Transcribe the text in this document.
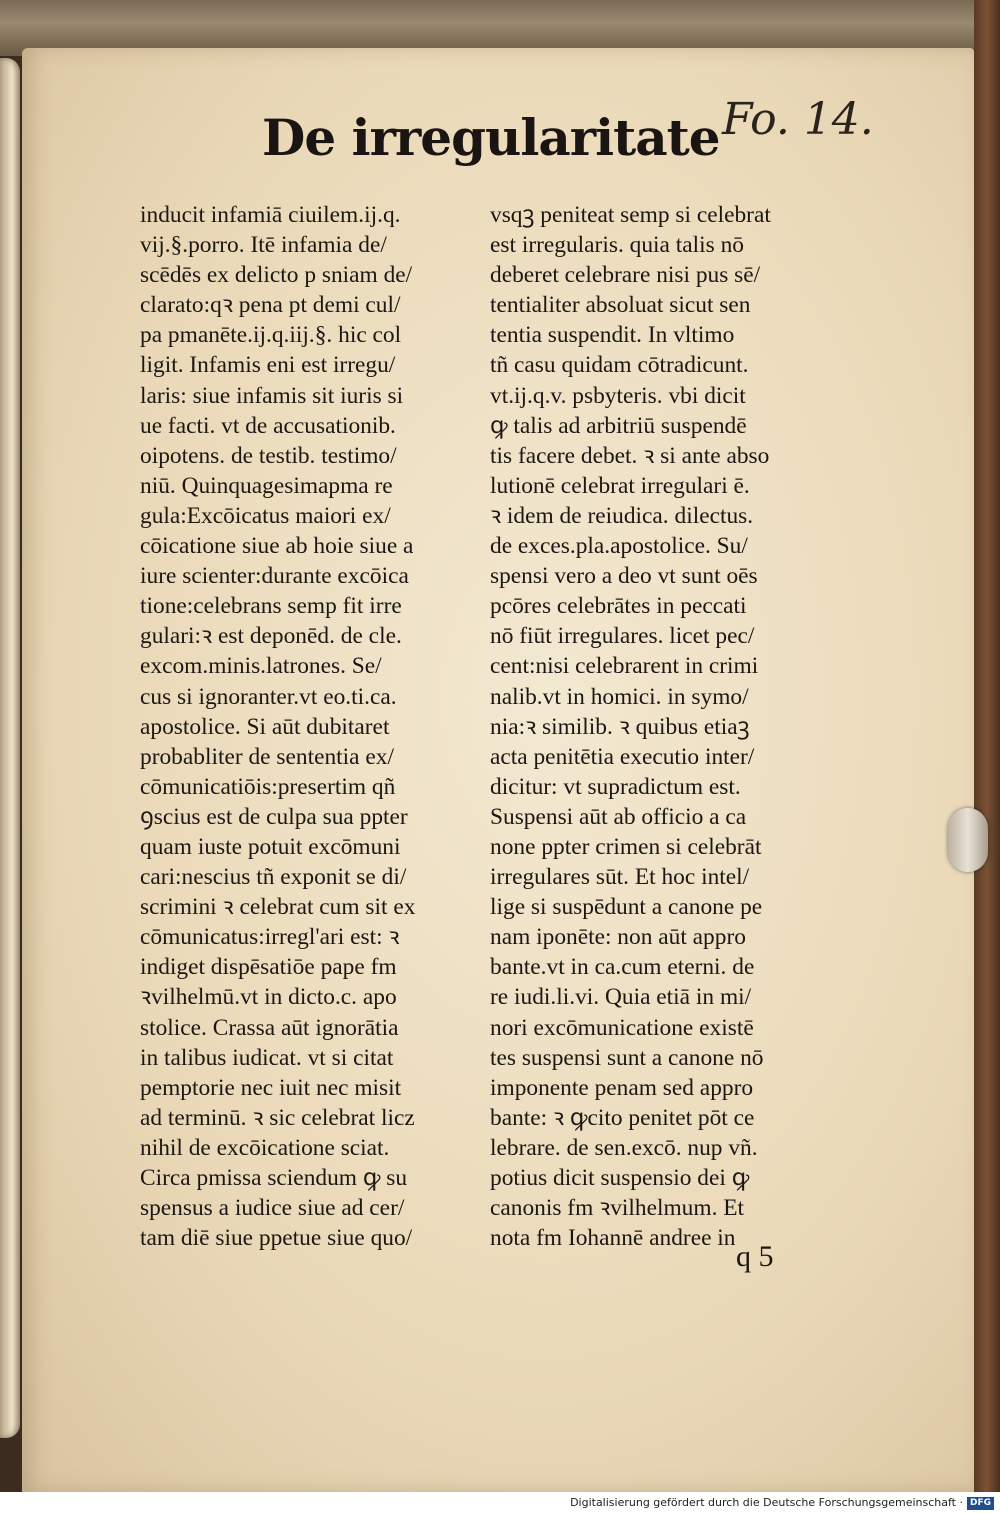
De irregularitate Fo. 14.
inducit infamiā ciuilem.ij.q.
vij.§.porro. Itē infamia de/
scēdēs ex delicto p sniam de/
clarato:qꝛ pena pt demi cul/
pa pmanēte.ij.q.iij.§. hic col
ligit. Infamis eni est irregu/
laris: siue infamis sit iuris si
ue facti. vt de accusationib.
oipotens. de testib. testimo/
niū. Quinquagesimapma re
gula:Excōicatus maiori ex/
cōicatione siue ab hoie siue a
iure scienter:durante excōica
tione:celebrans semp fit irre
gulari:ꝛ est deponēd. de cle.
excom.minis.latrones. Se/
cus si ignoranter.vt eo.ti.ca.
apostolice. Si aūt dubitaret
probabliter de sententia ex/
cōmunicatiōis:presertim qñ
ꝯscius est de culpa sua ppter
quam iuste potuit excōmuni
cari:nescius tñ exponit se di/
scrimini ꝛ celebrat cum sit ex
cōmunicatus:irregl'ari est: ꝛ
indiget dispēsatiōe pape fm
ꝛvilhelmū.vt in dicto.c. apo
stolice. Crassa aūt ignorātia
in talibus iudicat. vt si citat
pemptorie nec iuit nec misit
ad terminū. ꝛ sic celebrat licz
nihil de excōicatione sciat.
Circa pmissa sciendum ꝙ su
spensus a iudice siue ad cer/
tam diē siue ppetue siue quo/
vsqꝫ peniteat semp si celebrat
est irregularis. quia talis nō
deberet celebrare nisi pus sē/
tentialiter absoluat sicut sen
tentia suspendit. In vltimo
tñ casu quidam cōtradicunt.
vt.ij.q.v. psbyteris. vbi dicit
ꝙ talis ad arbitriū suspendē
tis facere debet. ꝛ si ante abso
lutionē celebrat irregulari ē.
ꝛ idem de reiudica. dilectus.
de exces.pla.apostolice. Su/
spensi vero a deo vt sunt oēs
pcōres celebrātes in peccati
nō fiūt irregulares. licet pec/
cent:nisi celebrarent in crimi
nalib.vt in homici. in symo/
nia:ꝛ similib. ꝛ quibus etiaꝫ
acta penitētia executio inter/
dicitur: vt supradictum est.
Suspensi aūt ab officio a ca
none ppter crimen si celebrāt
irregulares sūt. Et hoc intel/
lige si suspēdunt a canone pe
nam iponēte: non aūt appro
bante.vt in ca.cum eterni. de
re iudi.li.vi. Quia etiā in mi/
nori excōmunicatione existē
tes suspensi sunt a canone nō
imponente penam sed appro
bante: ꝛ ꝙcito penitet pōt ce
lebrare. de sen.excō. nup vñ.
potius dicit suspensio dei ꝙ
canonis fm ꝛvilhelmum. Et
nota fm Iohannē andree in
q 5
Digitalisierung gefördert durch die Deutsche Forschungsgemeinschaft · DFG
